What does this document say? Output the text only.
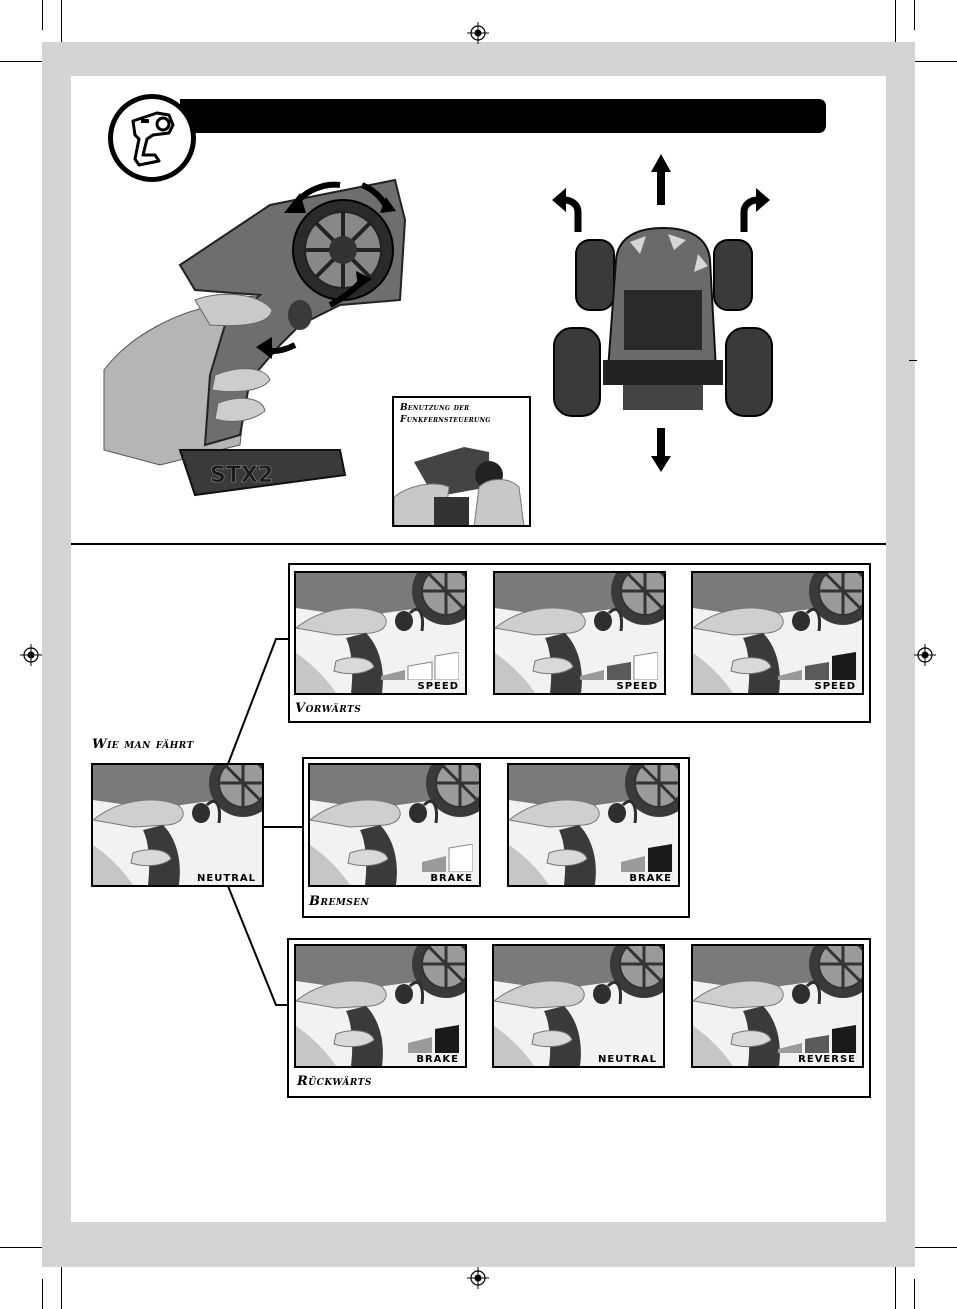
STX2
Benutzung der
Funkfernsteuerung
Wie man fährt
Vorwärts
Bremsen
Rückwärts
NEUTRAL
SPEED	SPEED	SPEED
BRAKE	BRAKE
BRAKE	NEUTRAL	REVERSE
